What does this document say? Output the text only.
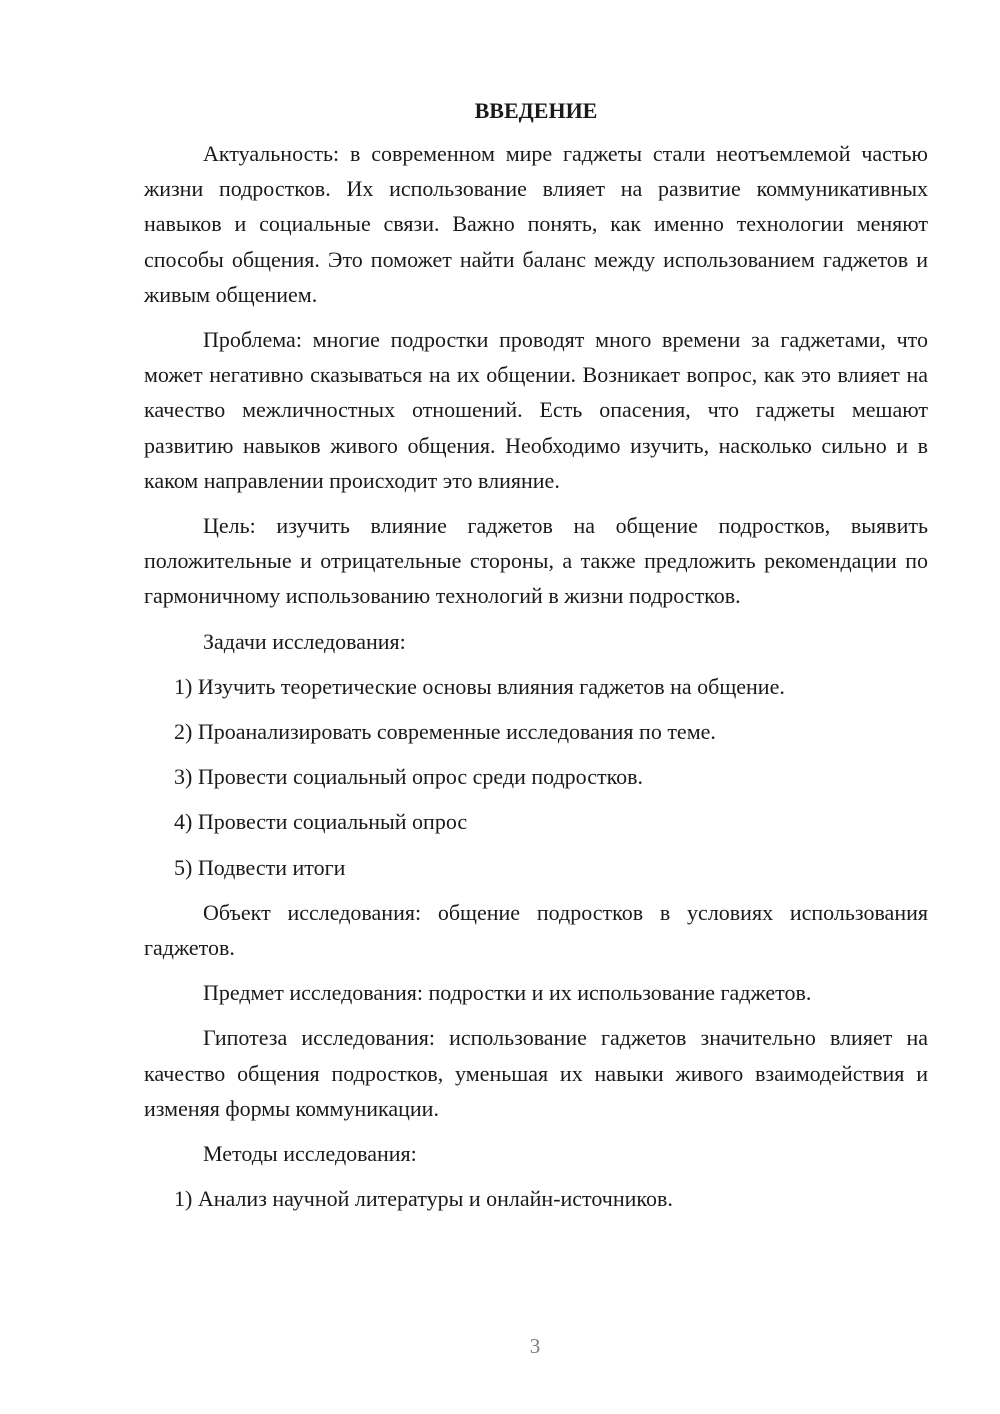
ВВЕДЕНИЕ

Актуальность: в современном мире гаджеты стали неотъемлемой частью жизни подростков. Их использование влияет на развитие коммуникативных навыков и социальные связи. Важно понять, как именно технологии меняют способы общения. Это поможет найти баланс между использованием гаджетов и живым общением.

Проблема: многие подростки проводят много времени за гаджетами, что может негативно сказываться на их общении. Возникает вопрос, как это влияет на качество межличностных отношений. Есть опасения, что гаджеты мешают развитию навыков живого общения. Необходимо изучить, насколько сильно и в каком направлении происходит это влияние.

Цель: изучить влияние гаджетов на общение подростков, выявить положительные и отрицательные стороны, а также предложить рекомендации по гармоничному использованию технологий в жизни подростков.

Задачи исследования:

1) Изучить теоретические основы влияния гаджетов на общение.

2) Проанализировать современные исследования по теме.

3) Провести социальный опрос среди подростков.

4) Провести социальный опрос

5) Подвести итоги

Объект исследования: общение подростков в условиях использования гаджетов.

Предмет исследования: подростки и их использование гаджетов.

Гипотеза исследования: использование гаджетов значительно влияет на качество общения подростков, уменьшая их навыки живого взаимодействия и изменяя формы коммуникации.

Методы исследования:

1) Анализ научной литературы и онлайн-источников.

3
